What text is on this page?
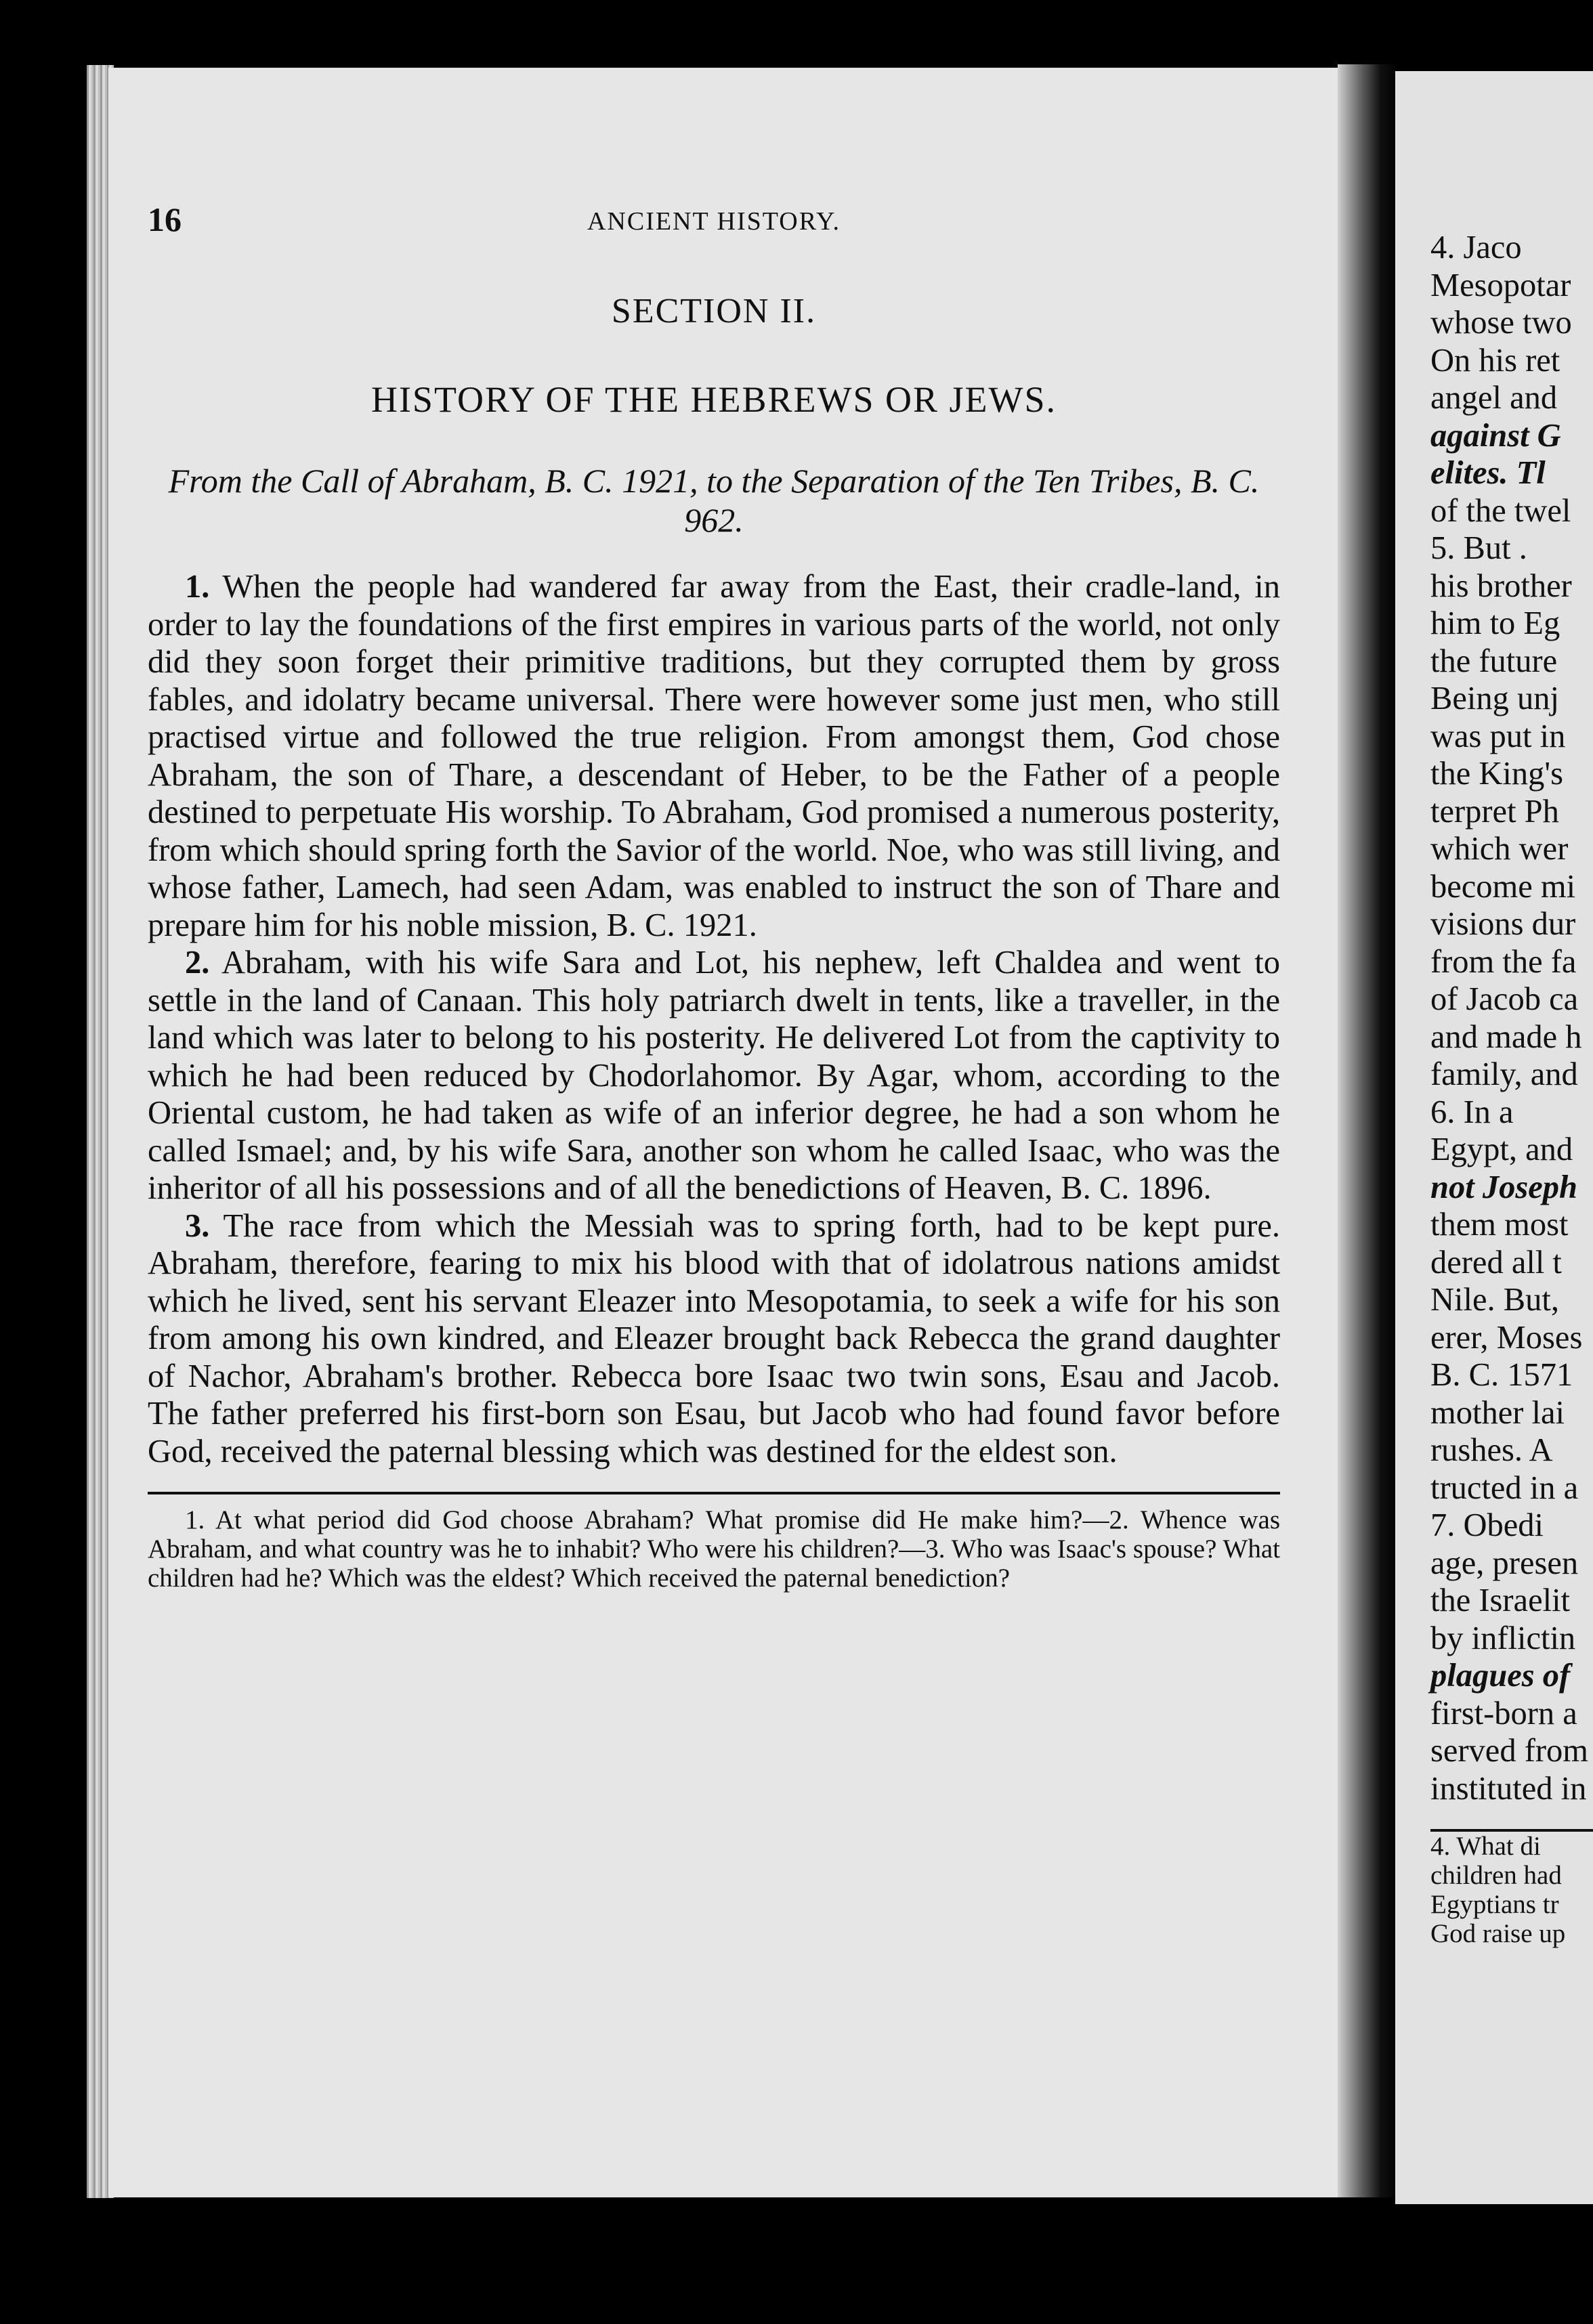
16	ANCIENT HISTORY.
SECTION II.
HISTORY OF THE HEBREWS OR JEWS.
From the Call of Abraham, B. C. 1921, to the Separation of the Ten Tribes, B. C. 962.

1. When the people had wandered far away from the East, their cradle-land, in order to lay the foundations of the first empires in various parts of the world, not only did they soon forget their primitive traditions, but they corrupted them by gross fables, and idolatry became universal. There were however some just men, who still practised virtue and followed the true religion. From amongst them, God chose Abraham, the son of Thare, a descendant of Heber, to be the Father of a people destined to perpetuate His worship. To Abraham, God promised a numerous posterity, from which should spring forth the Savior of the world. Noe, who was still living, and whose father, Lamech, had seen Adam, was enabled to instruct the son of Thare and prepare him for his noble mission, B. C. 1921.

2. Abraham, with his wife Sara and Lot, his nephew, left Chaldea and went to settle in the land of Canaan. This holy patriarch dwelt in tents, like a traveller, in the land which was later to belong to his posterity. He delivered Lot from the captivity to which he had been reduced by Chodorlahomor. By Agar, whom, according to the Oriental custom, he had taken as wife of an inferior degree, he had a son whom he called Ismael; and, by his wife Sara, another son whom he called Isaac, who was the inheritor of all his possessions and of all the benedictions of Heaven, B. C. 1896.

3. The race from which the Messiah was to spring forth, had to be kept pure. Abraham, therefore, fearing to mix his blood with that of idolatrous nations amidst which he lived, sent his servant Eleazer into Mesopotamia, to seek a wife for his son from among his own kindred, and Eleazer brought back Rebecca the grand daughter of Nachor, Abraham's brother. Rebecca bore Isaac two twin sons, Esau and Jacob. The father preferred his first-born son Esau, but Jacob who had found favor before God, received the paternal blessing which was destined for the eldest son.

1. At what period did God choose Abraham? What promise did He make him?—2. Whence was Abraham, and what country was he to inhabit? Who were his children?—3. Who was Isaac's spouse? What children had he? Which was the eldest? Which received the paternal benediction?
4. Jaco
Mesopotar
whose two
On his ret
angel and
against G
elites. Tl
of the twel
5. But .
his brother
him to Eg
the future
Being unj
was put in
the King's
terpret Ph
which wer
become mi
visions dur
from the fa
of Jacob ca
and made h
family, and
6. In a
Egypt, and
not Joseph
them most
dered all t
Nile. But,
erer, Moses
B. C. 1571
mother lai
rushes. A
tructed in a
7. Obedi
age, presen
the Israelit
by inflictin
plagues of
first-born a
served from
instituted in
4. What di
children had
Egyptians tr
God raise up
